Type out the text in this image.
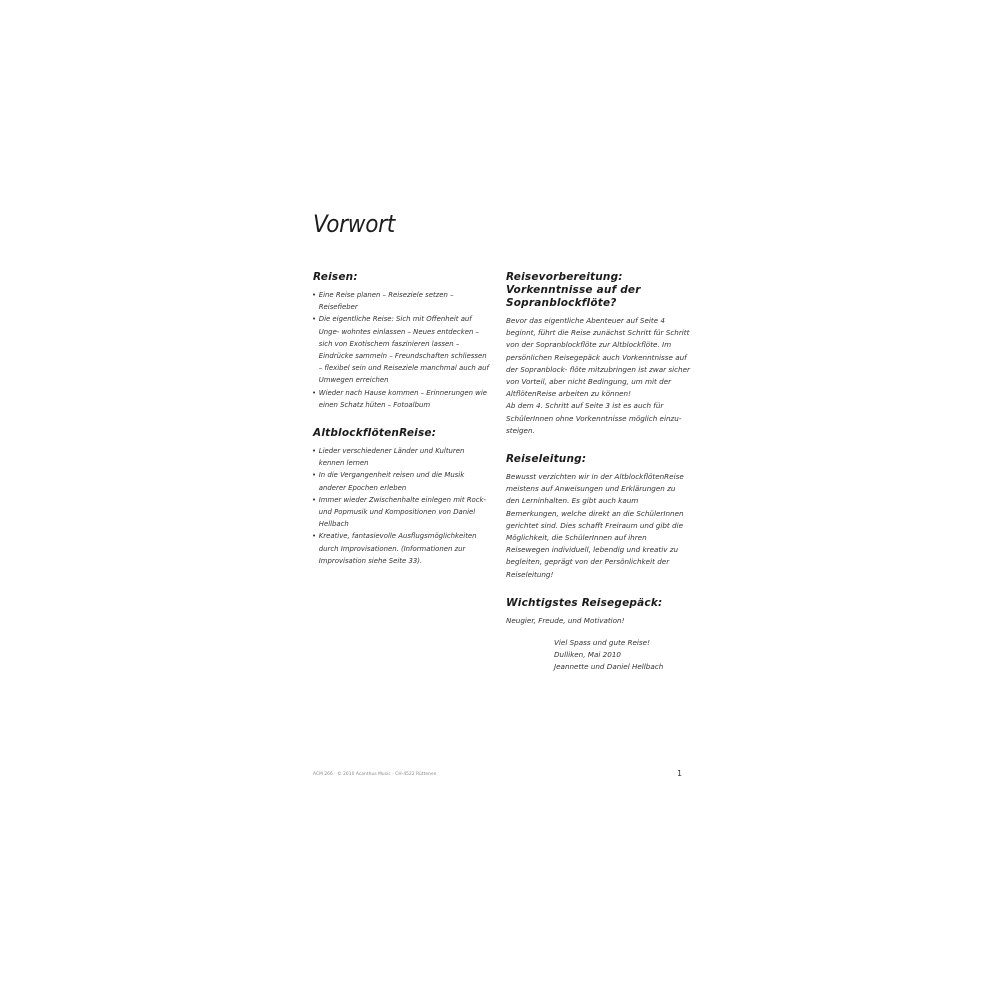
Vorwort
Reisen:
• Eine Reise planen – Reiseziele setzen – Reisefieber
• Die eigentliche Reise: Sich mit Offenheit auf Unge- wohntes einlassen – Neues entdecken – sich von Exotischem faszinieren lassen – Eindrücke sammeln – Freundschaften schliessen – flexibel sein und Reiseziele manchmal auch auf Umwegen erreichen
• Wieder nach Hause kommen – Erinnerungen wie einen Schatz hüten – Fotoalbum
AltblockflötenReise:
• Lieder verschiedener Länder und Kulturen kennen lernen
• In die Vergangenheit reisen und die Musik anderer Epochen erleben
• Immer wieder Zwischenhalte einlegen mit Rock- und Popmusik und Kompositionen von Daniel Hellbach
• Kreative, fantasievolle Ausflugsmöglichkeiten durch Improvisationen. (Informationen zur Improvisation siehe Seite 33).
Reisevorbereitung: Vorkenntnisse auf der Sopranblockflöte?

Bevor das eigentliche Abenteuer auf Seite 4 beginnt, führt die Reise zunächst Schritt für Schritt von der Sopranblockflöte zur Altblockflöte. Im persönlichen Reisegepäck auch Vorkenntnisse auf der Sopranblock- flöte mitzubringen ist zwar sicher von Vorteil, aber nicht Bedingung, um mit der AltflötenReise arbeiten zu können!

Ab dem 4. Schritt auf Seite 3 ist es auch für SchülerInnen ohne Vorkenntnisse möglich einzu- steigen.

Reiseleitung:

Bewusst verzichten wir in der AltblockflötenReise meistens auf Anweisungen und Erklärungen zu den Lerninhalten. Es gibt auch kaum Bemerkungen, welche direkt an die SchülerInnen gerichtet sind. Dies schafft Freiraum und gibt die Möglichkeit, die SchülerInnen auf ihren Reisewegen individuell, lebendig und kreativ zu begleiten, geprägt von der Persönlichkeit der Reiseleitung!

Wichtigstes Reisegepäck:

Neugier, Freude, und Motivation!

Viel Spass und gute Reise!

Dulliken, Mai 2010

Jeannette und Daniel Hellbach

ACM 266 · © 2010 Acanthus Music · CH-4522 Rüttenen	1
